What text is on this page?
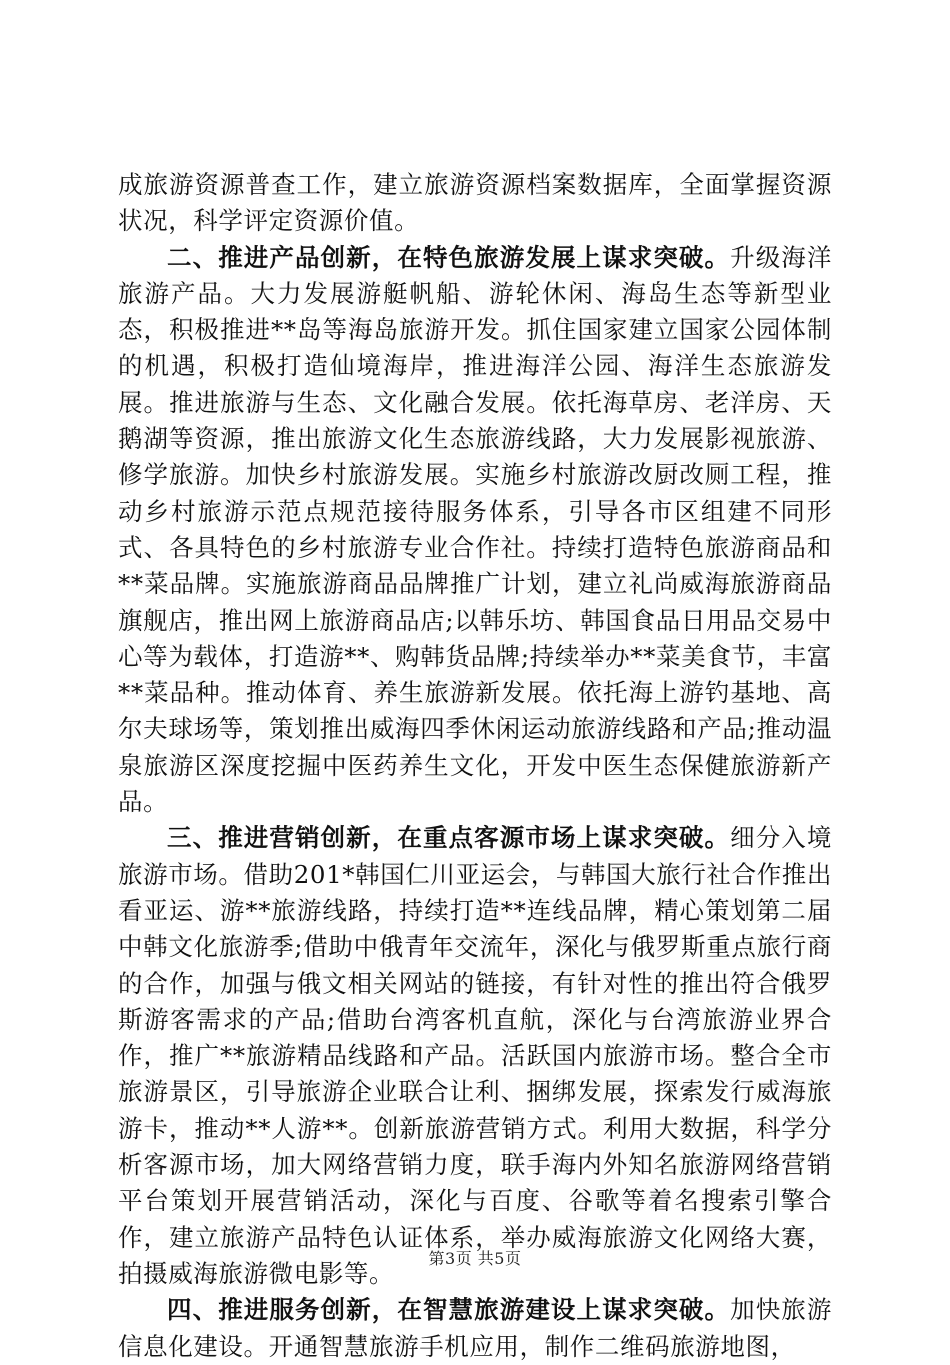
成旅游资源普查工作，建立旅游资源档案数据库，全面掌握资源状况，科学评定资源价值。

二、推进产品创新，在特色旅游发展上谋求突破。升级海洋旅游产品。大力发展游艇帆船、游轮休闲、海岛生态等新型业态，积极推进**岛等海岛旅游开发。抓住国家建立国家公园体制的机遇，积极打造仙境海岸，推进海洋公园、海洋生态旅游发展。推进旅游与生态、文化融合发展。依托海草房、老洋房、天鹅湖等资源，推出旅游文化生态旅游线路，大力发展影视旅游、修学旅游。加快乡村旅游发展。实施乡村旅游改厨改厕工程，推动乡村旅游示范点规范接待服务体系，引导各市区组建不同形式、各具特色的乡村旅游专业合作社。持续打造特色旅游商品和**菜品牌。实施旅游商品品牌推广计划，建立礼尚威海旅游商品旗舰店，推出网上旅游商品店;以韩乐坊、韩国食品日用品交易中心等为载体，打造游**、购韩货品牌;持续举办**菜美食节，丰富**菜品种。推动体育、养生旅游新发展。依托海上游钓基地、高尔夫球场等，策划推出威海四季休闲运动旅游线路和产品;推动温泉旅游区深度挖掘中医药养生文化，开发中医生态保健旅游新产品。

三、推进营销创新，在重点客源市场上谋求突破。细分入境旅游市场。借助201*韩国仁川亚运会，与韩国大旅行社合作推出看亚运、游**旅游线路，持续打造**连线品牌，精心策划第二届中韩文化旅游季;借助中俄青年交流年，深化与俄罗斯重点旅行商的合作，加强与俄文相关网站的链接，有针对性的推出符合俄罗斯游客需求的产品;借助台湾客机直航，深化与台湾旅游业界合作，推广**旅游精品线路和产品。活跃国内旅游市场。整合全市旅游景区，引导旅游企业联合让利、捆绑发展，探索发行威海旅游卡，推动**人游**。创新旅游营销方式。利用大数据，科学分析客源市场，加大网络营销力度，联手海内外知名旅游网络营销平台策划开展营销活动，深化与百度、谷歌等着名搜索引擎合作，建立旅游产品特色认证体系，举办威海旅游文化网络大赛，拍摄威海旅游微电影等。

四、推进服务创新，在智慧旅游建设上谋求突破。加快旅游信息化建设。开通智慧旅游手机应用，制作二维码旅游地图，

第3页 共5页
